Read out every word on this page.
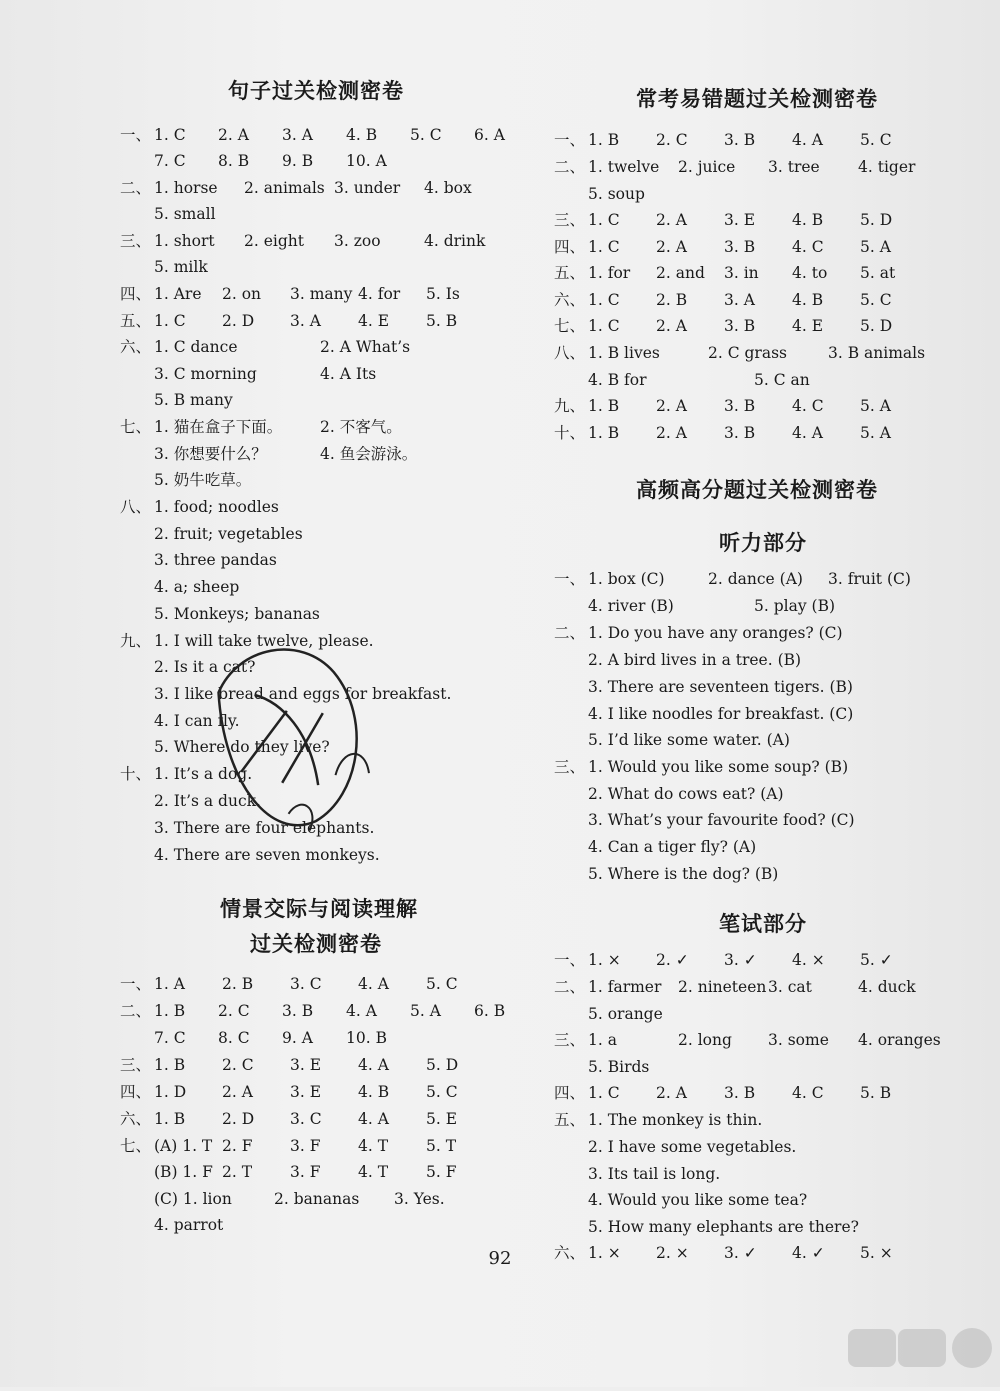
句子过关检测密卷
一、 1. C 2. A 3. A 4. B 5. C 6. A
7. C 8. B 9. B 10. A
二、 1. horse 2. animals 3. under 4. box
5. small
三、 1. short 2. eight 3. zoo	4. drink
5. milk
四、 1. Are 2. on 3. many 4. for 5. Is
五、 1. C 2. D 3. A 4. E 5. B
六、 1. C dance	2. A What’s
3. C morning	4. A Its
5. B many
七、 1. 猫在盒子下面。 2. 不客气。
3. 你想要什么？	4. 鱼会游泳。
5. 奶牛吃草。
八、 1. food; noodles
2. fruit; vegetables
3. three pandas
4. a; sheep
5. Monkeys; bananas
九、 1. I will take twelve, please.
2. Is it a cat?
3. I like bread and eggs for breakfast.
4. I can fly.
5. Where do they live?
十、 1. It’s a dog.
2. It’s a duck.
3. There are four elephants.
4. There are seven monkeys.
情景交际与阅读理解
过关检测密卷
一、 1. A 2. B 3. C 4. A 5. C
二、 1. B 2. C 3. B 4. A 5. A 6. B
7. C 8. C 9. A 10. B
三、 1. B 2. C 3. E 4. A 5. D
四、 1. D 2. A 3. E 4. B 5. C
六、 1. B 2. D 3. C 4. A 5. E
七、 (A) 1. T 2. F 3. F 4. T 5. T
(B) 1. F 2. T 3. F 4. T 5. F
(C) 1. lion	2. bananas 3. Yes.
4. parrot
常考易错题过关检测密卷
一、 1. B 2. C 3. B 4. A 5. C
二、 1. twelve 2. juice 3. tree 4. tiger
5. soup
三、 1. C 2. A 3. E 4. B 5. D
四、 1. C 2. A 3. B 4. C 5. A
五、 1. for 2. and 3. in 4. to 5. at
六、 1. C 2. B 3. A 4. B 5. C
七、 1. C 2. A 3. B 4. E 5. D
八、 1. B lives	2. C grass	3. B animals
4. B for	5. C an
九、 1. B 2. A 3. B 4. C 5. A
十、 1. B 2. A 3. B 4. A 5. A
高频高分题过关检测密卷
听力部分
一、 1. box (C)	2. dance (A) 3. fruit (C)
4. river (B)	5. play (B)
二、 1. Do you have any oranges? (C)
2. A bird lives in a tree. (B)
3. There are seventeen tigers. (B)
4. I like noodles for breakfast. (C)
5. I’d like some water. (A)
三、 1. Would you like some soup? (B)
2. What do cows eat? (A)
3. What’s your favourite food? (C)
4. Can a tiger fly? (A)
5. Where is the dog? (B)
笔试部分
一、 1. × 2. ✓ 3. ✓ 4. × 5. ✓
二、 1. farmer 2. nineteen 3. cat	4. duck
5. orange
三、 1. a	2. long 3. some 4. oranges
5. Birds
四、 1. C 2. A 3. B 4. C 5. B
五、 1. The monkey is thin.
2. I have some vegetables.
3. Its tail is long.
4. Would you like some tea?
5. How many elephants are there?
六、 1. × 2. × 3. ✓ 4. ✓ 5. ×
92
